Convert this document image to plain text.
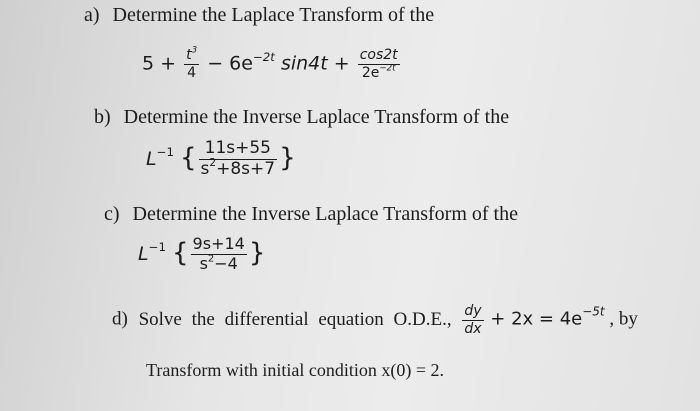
a) Determine the Laplace Transform of the
$5 + \frac{t^3}{4} - 6e^{-2t}$ $\sin 4t + \frac{\cos 2t}{2e^{-2t}}$
b) Determine the Inverse Laplace Transform of the
$L^{-1}$ { $\frac{11s+55}{s^2+8s+7}$ }
c) Determine the Inverse Laplace Transform of the
$L^{-1}$ { $\frac{9s+14}{s^2-4}$ }
d) Solve the differential equation O.D.E., $\frac{dy}{dx} + 2x = 4e^{-5t}$ , by
Transform with initial condition x(0) = 2.
